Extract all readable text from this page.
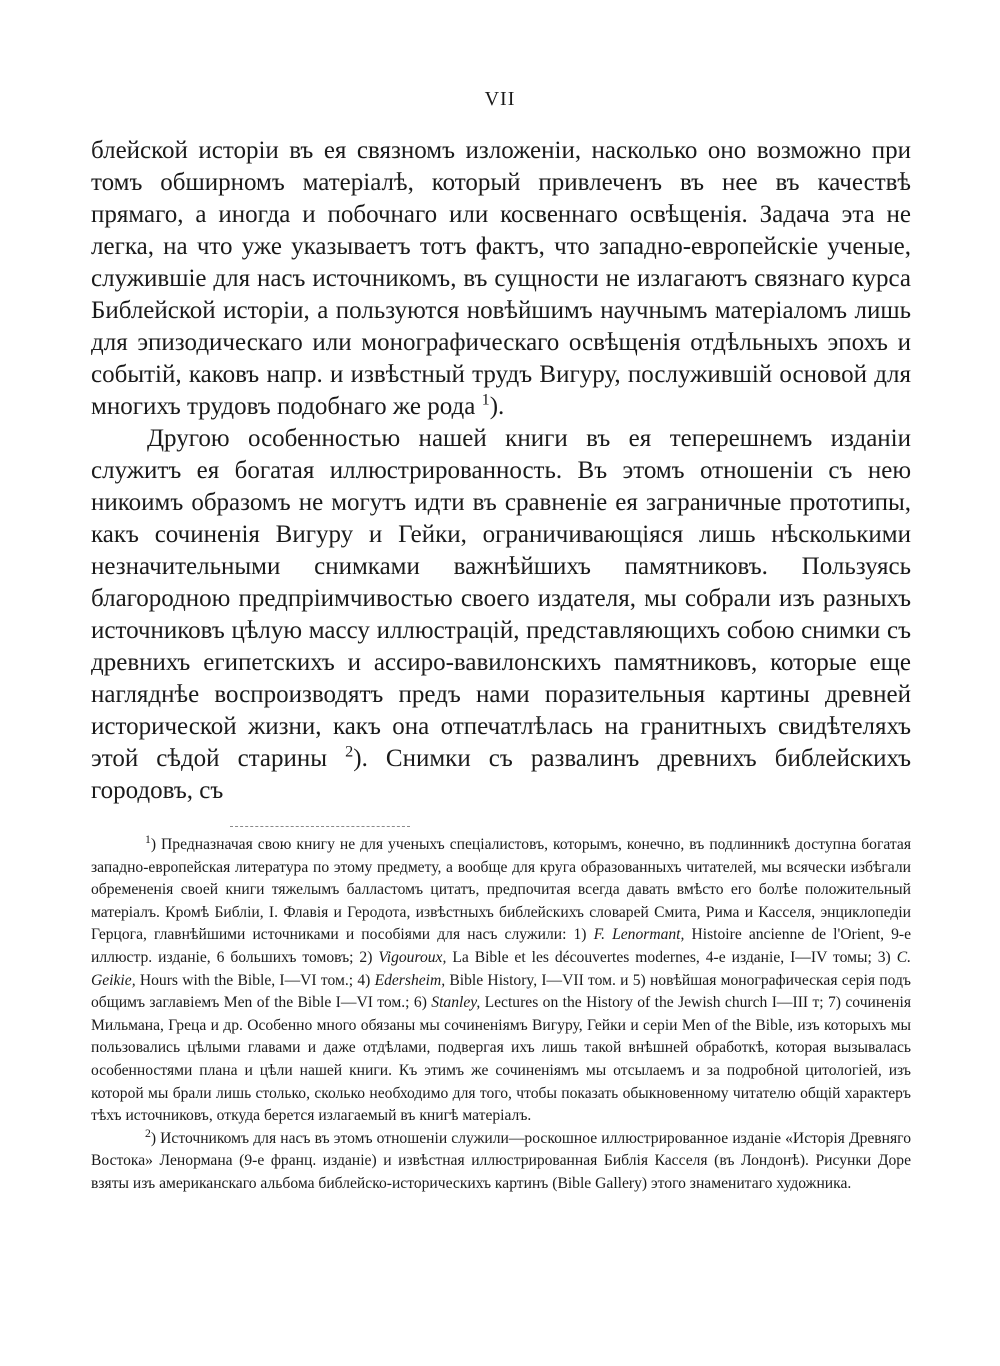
VII

блейской исторіи въ ея связномъ изложеніи, насколько оно возможно при томъ обширномъ матеріалѣ, который привлеченъ въ нее въ качествѣ прямаго, а иногда и побочнаго или косвеннаго освѣщенія. Задача эта не легка, на что уже указываетъ тотъ фактъ, что западно-европейскіе ученые, служившіе для насъ источникомъ, въ сущности не излагаютъ связнаго курса Библейской исторіи, а пользуются новѣйшимъ научнымъ матеріаломъ лишь для эпизодическаго или монографическаго освѣщенія отдѣльныхъ эпохъ и событій, каковъ напр. и извѣстный трудъ Вигуру, послужившій основой для многихъ трудовъ подобнаго же рода $^1$).

Другою особенностью нашей книги въ ея теперешнемъ изданіи служитъ ея богатая иллюстрированность. Въ этомъ отношеніи съ нею никоимъ образомъ не могутъ идти въ сравненіе ея заграничные прототипы, какъ сочиненія Вигуру и Гейки, ограничивающіяся лишь нѣсколькими незначительными снимками важнѣйшихъ памятниковъ. Пользуясь благородною предпріимчивостью своего издателя, мы собрали изъ разныхъ источниковъ цѣлую массу иллюстрацій, представляющихъ собою снимки съ древнихъ египетскихъ и ассиро-вавилонскихъ памятниковъ, которые еще нагляднѣе воспроизводятъ предъ нами поразительныя картины древней исторической жизни, какъ она отпечатлѣлась на гранитныхъ свидѣтеляхъ этой сѣдой старины $^2$). Снимки съ развалинъ древнихъ библейскихъ городовъ, съ

$^1$) Предназначая свою книгу не для ученыхъ спеціалистовъ, которымъ, конечно, въ подлинникѣ доступна богатая западно-европейская литература по этому предмету, а вообще для круга образованныхъ читателей, мы всячески избѣгали обремененія своей книги тяжелымъ балластомъ цитатъ, предпочитая всегда давать вмѣсто его болѣе положительный матеріалъ. Кромѣ Библіи, І. Флавія и Геродота, извѣстныхъ библейскихъ словарей Смита, Рима и Касселя, энциклопедіи Герцога, главнѣйшими источниками и пособіями для насъ служили: 1) F. Lenormant, Histoire ancienne de l'Orient, 9-е иллюстр. изданіе, 6 большихъ томовъ; 2) Vigouroux, La Bible et les découvertes modernes, 4-е изданіе, I—IV томы; 3) C. Geikie, Hours with the Bible, I—VI том.; 4) Edersheim, Bible History, I—VII том. и 5) новѣйшая монографическая серія подъ общимъ заглавіемъ Men of the Bible I—VI том.; 6) Stanley, Lectures on the History of the Jewish church I—III т; 7) сочиненія Мильмана, Греца и др. Особенно много обязаны мы сочиненіямъ Вигуру, Гейки и серіи Men of the Bible, изъ которыхъ мы пользовались цѣлыми главами и даже отдѣлами, подвергая ихъ лишь такой внѣшней обработкѣ, которая вызывалась особенностями плана и цѣли нашей книги. Къ этимъ же сочиненіямъ мы отсылаемъ и за подробной цитологіей, изъ которой мы брали лишь столько, сколько необходимо для того, чтобы показать обыкновенному читателю общій характеръ тѣхъ источниковъ, откуда берется излагаемый въ книгѣ матеріалъ.

$^2$) Источникомъ для насъ въ этомъ отношеніи служили—роскошное иллюстрированное изданіе «Исторія Древняго Востока» Ленормана (9-е франц. изданіе) и извѣстная иллюстрированная Библія Касселя (въ Лондонѣ). Рисунки Доре взяты изъ американскаго альбома библейско-историческихъ картинъ (Bible Gallery) этого знаменитаго художника.
